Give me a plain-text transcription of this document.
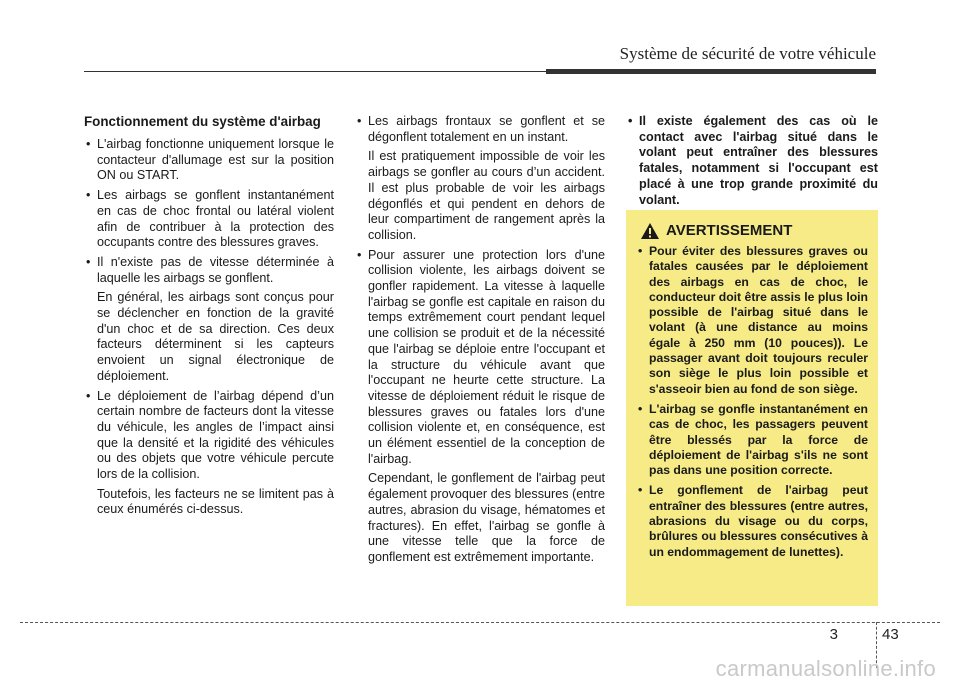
Système de sécurité de votre véhicule
Fonctionnement du système d'airbag
• L'airbag fonctionne uniquement lorsque le contacteur d'allumage est sur la position ON ou START.
• Les airbags se gonflent instantanément en cas de choc frontal ou latéral violent afin de contribuer à la protection des occupants contre des blessures graves.
• Il n'existe pas de vitesse déterminée à laquelle les airbags se gonflent.

En général, les airbags sont conçus pour se déclencher en fonction de la gravité d'un choc et de sa direction. Ces deux facteurs déterminent si les capteurs envoient un signal électronique de déploiement.

• Le déploiement de l’airbag dépend d’un certain nombre de facteurs dont la vitesse du véhicule, les angles de l’impact ainsi que la densité et la rigidité des véhicules ou des objets que votre véhicule percute lors de la collision.

Toutefois, les facteurs ne se limitent pas à ceux énumérés ci-dessus.

• Les airbags frontaux se gonflent et se dégonflent totalement en un instant.

Il est pratiquement impossible de voir les airbags se gonfler au cours d’un accident. Il est plus probable de voir les airbags dégonflés et qui pendent en dehors de leur compartiment de rangement après la collision.

• Pour assurer une protection lors d'une collision violente, les airbags doivent se gonfler rapidement. La vitesse à laquelle l'airbag se gonfle est capitale en raison du temps extrêmement court pendant lequel une collision se produit et de la nécessité que l'airbag se déploie entre l'occupant et la structure du véhicule avant que l'occupant ne heurte cette structure. La vitesse de déploiement réduit le risque de blessures graves ou fatales lors d'une collision violente et, en conséquence, est un élément essentiel de la conception de l'airbag.

Cependant, le gonflement de l'airbag peut également provoquer des blessures (entre autres, abrasion du visage, hématomes et fractures). En effet, l'airbag se gonfle à une vitesse telle que la force de gonflement est extrêmement importante.

• Il existe également des cas où le contact avec l'airbag situé dans le volant peut entraîner des blessures fatales, notamment si l'occupant est placé à une trop grande proximité du volant.
AVERTISSEMENT
• Pour éviter des blessures graves ou fatales causées par le déploiement des airbags en cas de choc, le conducteur doit être assis le plus loin possible de l'airbag situé dans le volant (à une distance au moins égale à 250 mm (10 pouces)). Le passager avant doit toujours reculer son siège le plus loin possible et s'asseoir bien au fond de son siège.
• L'airbag se gonfle instantanément en cas de choc, les passagers peuvent être blessés par la force de déploiement de l'airbag s'ils ne sont pas dans une position correcte.
• Le gonflement de l'airbag peut entraîner des blessures (entre autres, abrasions du visage ou du corps, brûlures ou blessures consécutives à un endommagement de lunettes).
3	43
carmanualsonline.info
